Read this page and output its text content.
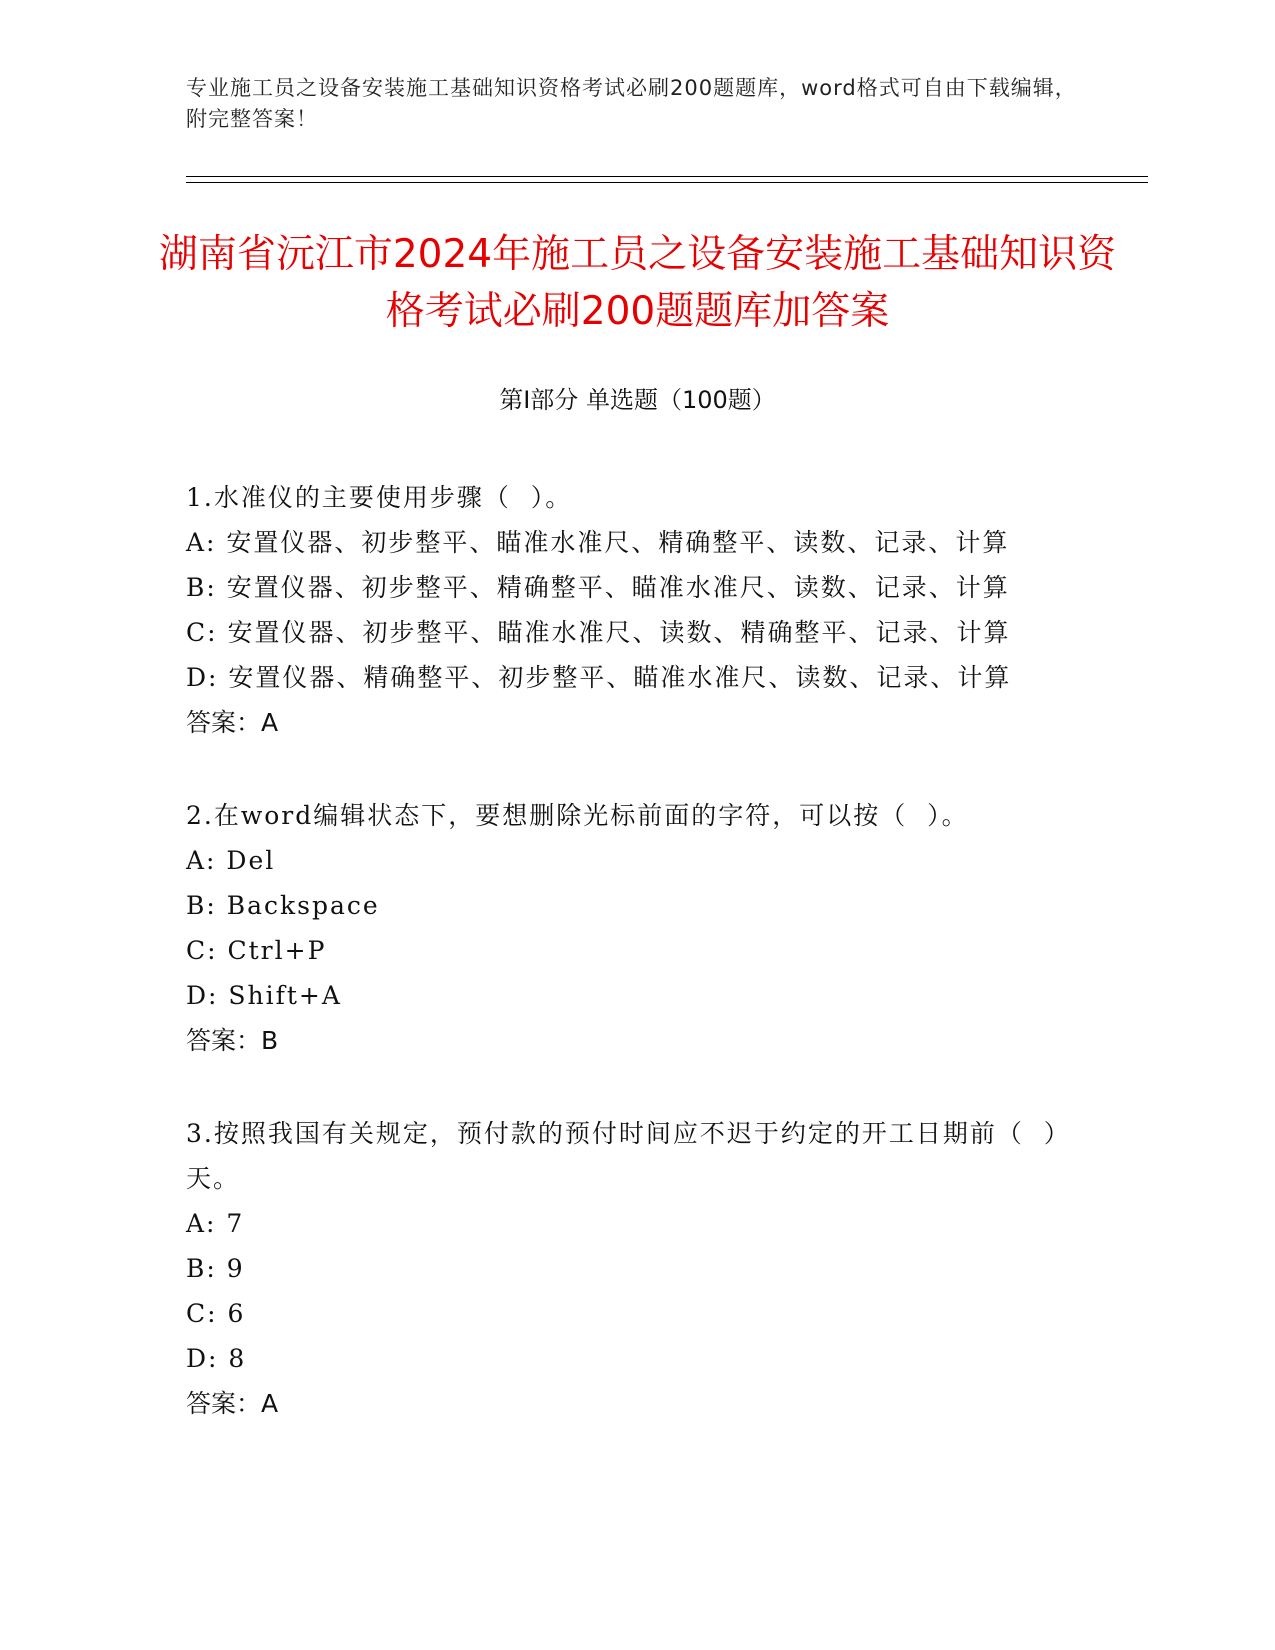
专业施工员之设备安装施工基础知识资格考试必刷200题题库，word格式可自由下载编辑，附完整答案！
湖南省沅江市2024年施工员之设备安装施工基础知识资格考试必刷200题题库加答案
第I部分 单选题（100题）

1.水准仪的主要使用步骤（  ）。

A: 安置仪器、初步整平、瞄准水准尺、精确整平、读数、记录、计算

B: 安置仪器、初步整平、精确整平、瞄准水准尺、读数、记录、计算

C: 安置仪器、初步整平、瞄准水准尺、读数、精确整平、记录、计算

D: 安置仪器、精确整平、初步整平、瞄准水准尺、读数、记录、计算

答案：A

2.在word编辑状态下，要想删除光标前面的字符，可以按（  ）。

A: Del

B: Backspace

C: Ctrl+P

D: Shift+A

答案：B

3.按照我国有关规定，预付款的预付时间应不迟于约定的开工日期前（  ）天。

A: 7

B: 9

C: 6

D: 8

答案：A
